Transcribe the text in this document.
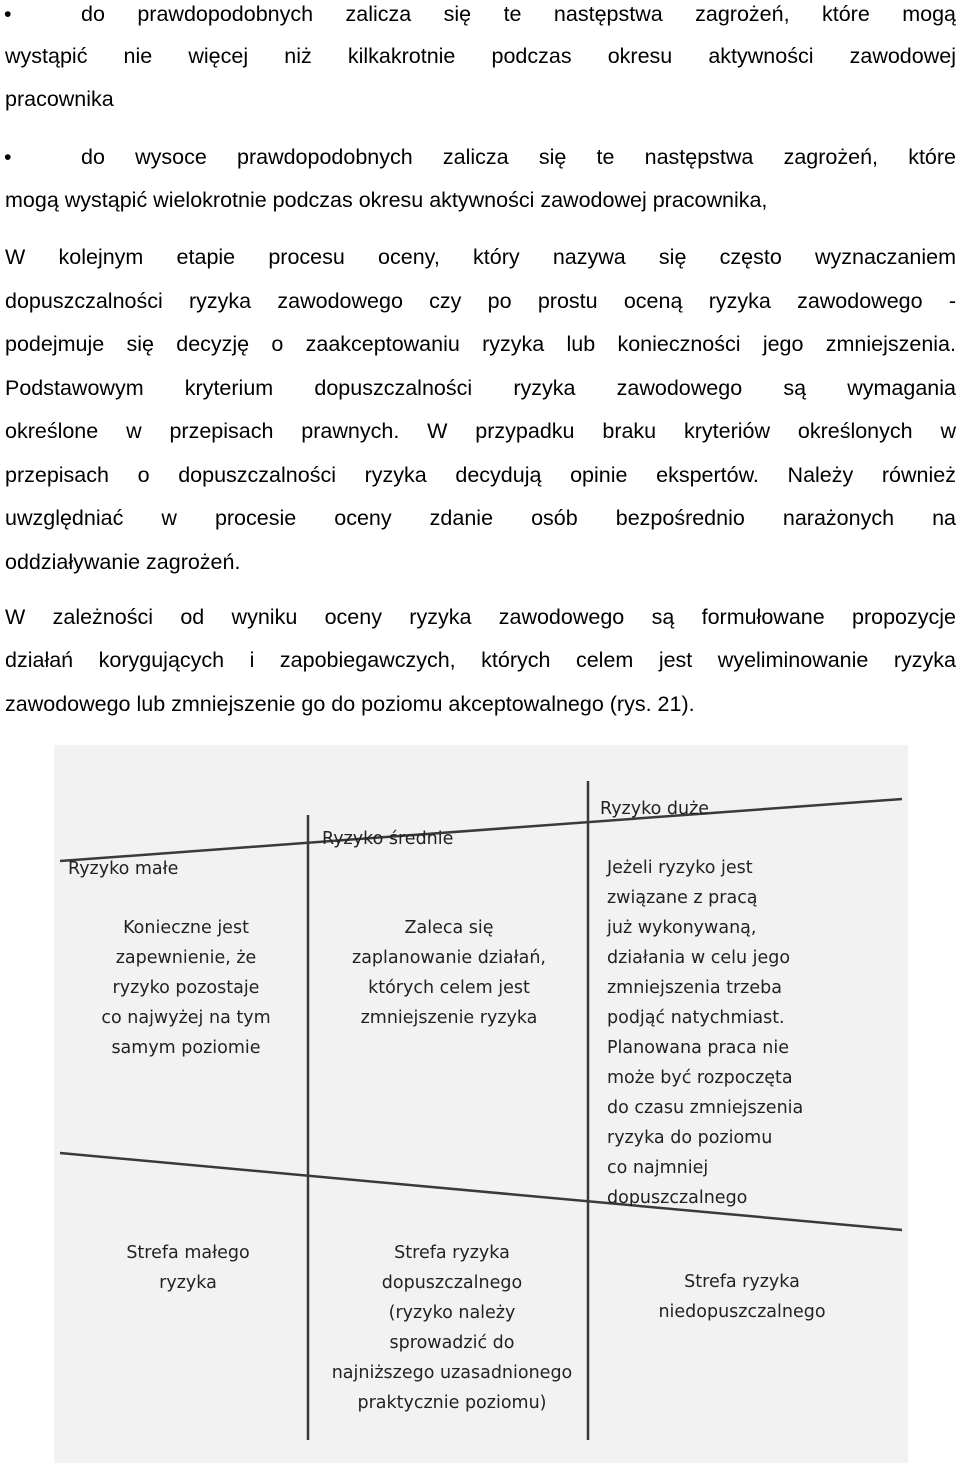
•	do prawdopodobnych zalicza się te następstwa zagrożeń, które mogą
wystąpić nie więcej niż kilkakrotnie podczas okresu aktywności zawodowej
pracownika
•	do wysoce prawdopodobnych zalicza się te następstwa zagrożeń, które
mogą wystąpić wielokrotnie podczas okresu aktywności zawodowej pracownika,
W kolejnym etapie procesu oceny, który nazywa się często wyznaczaniem
dopuszczalności ryzyka zawodowego czy po prostu oceną ryzyka zawodowego -
podejmuje się decyzję o zaakceptowaniu ryzyka lub konieczności jego zmniejszenia.
Podstawowym kryterium dopuszczalności ryzyka zawodowego są wymagania
określone w przepisach prawnych. W przypadku braku kryteriów określonych w
przepisach o dopuszczalności ryzyka decydują opinie ekspertów. Należy również
uwzględniać w procesie oceny zdanie osób bezpośrednio narażonych na
oddziaływanie zagrożeń.
W zależności od wyniku oceny ryzyka zawodowego są formułowane propozycje
działań korygujących i zapobiegawczych, których celem jest wyeliminowanie ryzyka
zawodowego lub zmniejszenie go do poziomu akceptowalnego (rys. 21).
Ryzyko małe
Ryzyko średnie
Ryzyko duże
Konieczne jest
zapewnienie, że
ryzyko pozostaje
co najwyżej na tym
samym poziomie
Zaleca się
zaplanowanie działań,
których celem jest
zmniejszenie ryzyka
Jeżeli ryzyko jest
związane z pracą
już wykonywaną,
działania w celu jego
zmniejszenia trzeba
podjąć natychmiast.
Planowana praca nie
może być rozpoczęta
do czasu zmniejszenia
ryzyka do poziomu
co najmniej
dopuszczalnego
Strefa małego
ryzyka
Strefa ryzyka
dopuszczalnego
(ryzyko należy
sprowadzić do
najniższego uzasadnionego
praktycznie poziomu)
Strefa ryzyka
niedopuszczalnego
